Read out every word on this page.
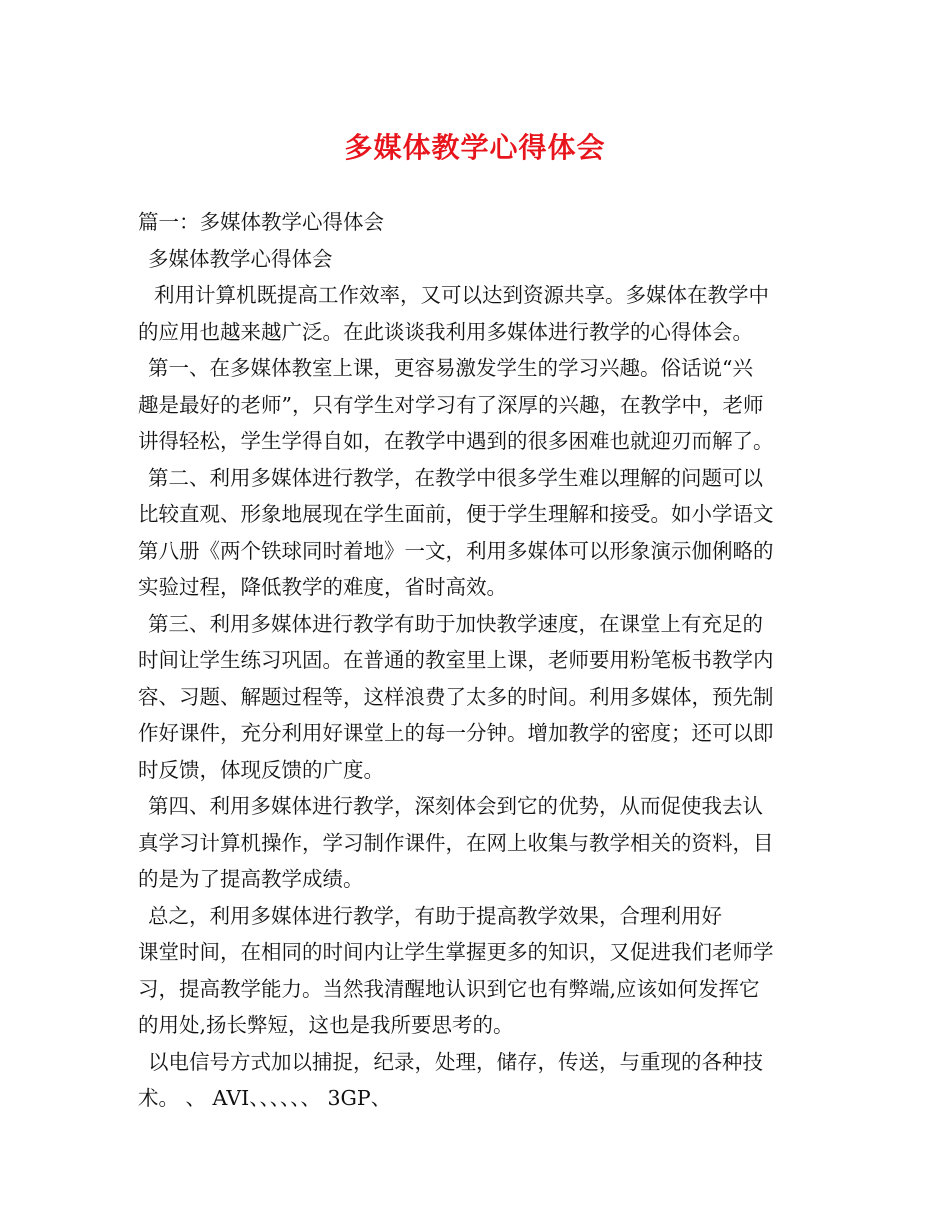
多媒体教学心得体会
篇一：多媒体教学心得体会
多媒体教学心得体会
利用计算机既提高工作效率，又可以达到资源共享。多媒体在教学中
的应用也越来越广泛。在此谈谈我利用多媒体进行教学的心得体会。
第一、在多媒体教室上课，更容易激发学生的学习兴趣。俗话说“兴
趣是最好的老师”，只有学生对学习有了深厚的兴趣，在教学中，老师
讲得轻松，学生学得自如，在教学中遇到的很多困难也就迎刃而解了。
第二、利用多媒体进行教学，在教学中很多学生难以理解的问题可以
比较直观、形象地展现在学生面前，便于学生理解和接受。如小学语文
第八册《两个铁球同时着地》一文，利用多媒体可以形象演示伽俐略的
实验过程，降低教学的难度，省时高效。
第三、利用多媒体进行教学有助于加快教学速度，在课堂上有充足的
时间让学生练习巩固。在普通的教室里上课，老师要用粉笔板书教学内
容、习题、解题过程等，这样浪费了太多的时间。利用多媒体，预先制
作好课件，充分利用好课堂上的每一分钟。增加教学的密度；还可以即
时反馈，体现反馈的广度。
第四、利用多媒体进行教学，深刻体会到它的优势，从而促使我去认
真学习计算机操作，学习制作课件，在网上收集与教学相关的资料，目
的是为了提高教学成绩。
总之，利用多媒体进行教学，有助于提高教学效果，合理利用好
课堂时间，在相同的时间内让学生掌握更多的知识，又促进我们老师学
习，提高教学能力。当然我清醒地认识到它也有弊端,应该如何发挥它
的用处,扬长弊短，这也是我所要思考的。
以电信号方式加以捕捉，纪录，处理，储存，传送，与重现的各种技
术。 、 AVI、、、、、、 3GP、
